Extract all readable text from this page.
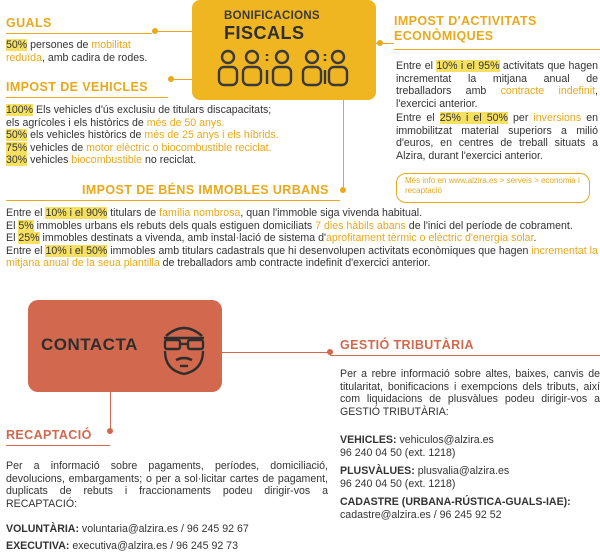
BONIFICACIONS
FISCALS
GUALS
50% persones de mobilitat
reduïda, amb cadira de rodes.
IMPOST DE VEHICLES
100% Els vehicles d'ús exclusiu de titulars discapacitats;
els agrícoles i els històrics de més de 50 anys.
50% els vehicles històrics de més de 25 anys i els híbrids.
75% vehicles de motor elèctric o biocombustible reciclat.
30% vehicles biocombustible no reciclat.
IMPOST D'ACTIVITATS
ECONÒMIQUES
Entre el 10% i el 95% activitats que hagen incrementat la mitjana anual de treballadors amb contracte indefinit, l'exercici anterior.
Entre el 25% i el 50% per inversions en immobilitzat material superiors a milió d'euros, en centres de treball situats a Alzira, durant l'exercici anterior.
Més info en www.alzira.es > serveis > economia i recaptació
IMPOST DE BÉNS IMMOBLES URBANS

Entre el 10% i el 90% titulars de família nombrosa, quan l'immoble siga vivenda habitual.

El 5% immobles urbans els rebuts dels quals estiguen domiciliats 7 dies hàbils abans de l'inici del període de cobrament.

El 25% immobles destinats a vivenda, amb instal·lació de sistema d'aprofitament tèrmic o elèctric d'energia solar.

Entre el 10% i el 50% immobles amb titulars cadastrals que hi desenvolupen activitats econòmiques que hagen incrementat la mitjana anual de la seua plantilla de treballadors amb contracte indefinit d'exercici anterior.

CONTACTA	GESTIÓ TRIBUTÀRIA
Per a rebre informació sobre altes, baixes, canvis de titularitat, bonificacions i exempcions dels tributs, així com liquidacions de plusvàlues podeu dirigir-vos a GESTIÓ TRIBUTÀRIA:

VEHICLES: vehiculos@alzira.es

96 240 04 50 (ext. 1218)

PLUSVÀLUES: plusvalia@alzira.es

96 240 04 50 (ext. 1218)

CADASTRE (URBANA-RÚSTICA-GUALS-IAE):

cadastre@alzira.es / 96 245 92 52

RECAPTACIÓ
Per a informació sobre pagaments, períodes, domiciliació, devolucions, embargaments; o per a sol·licitar cartes de pagament, duplicats de rebuts i fraccionaments podeu dirigir-vos a RECAPTACIÓ:

VOLUNTÀRIA: voluntaria@alzira.es / 96 245 92 67

EXECUTIVA: executiva@alzira.es / 96 245 92 73
